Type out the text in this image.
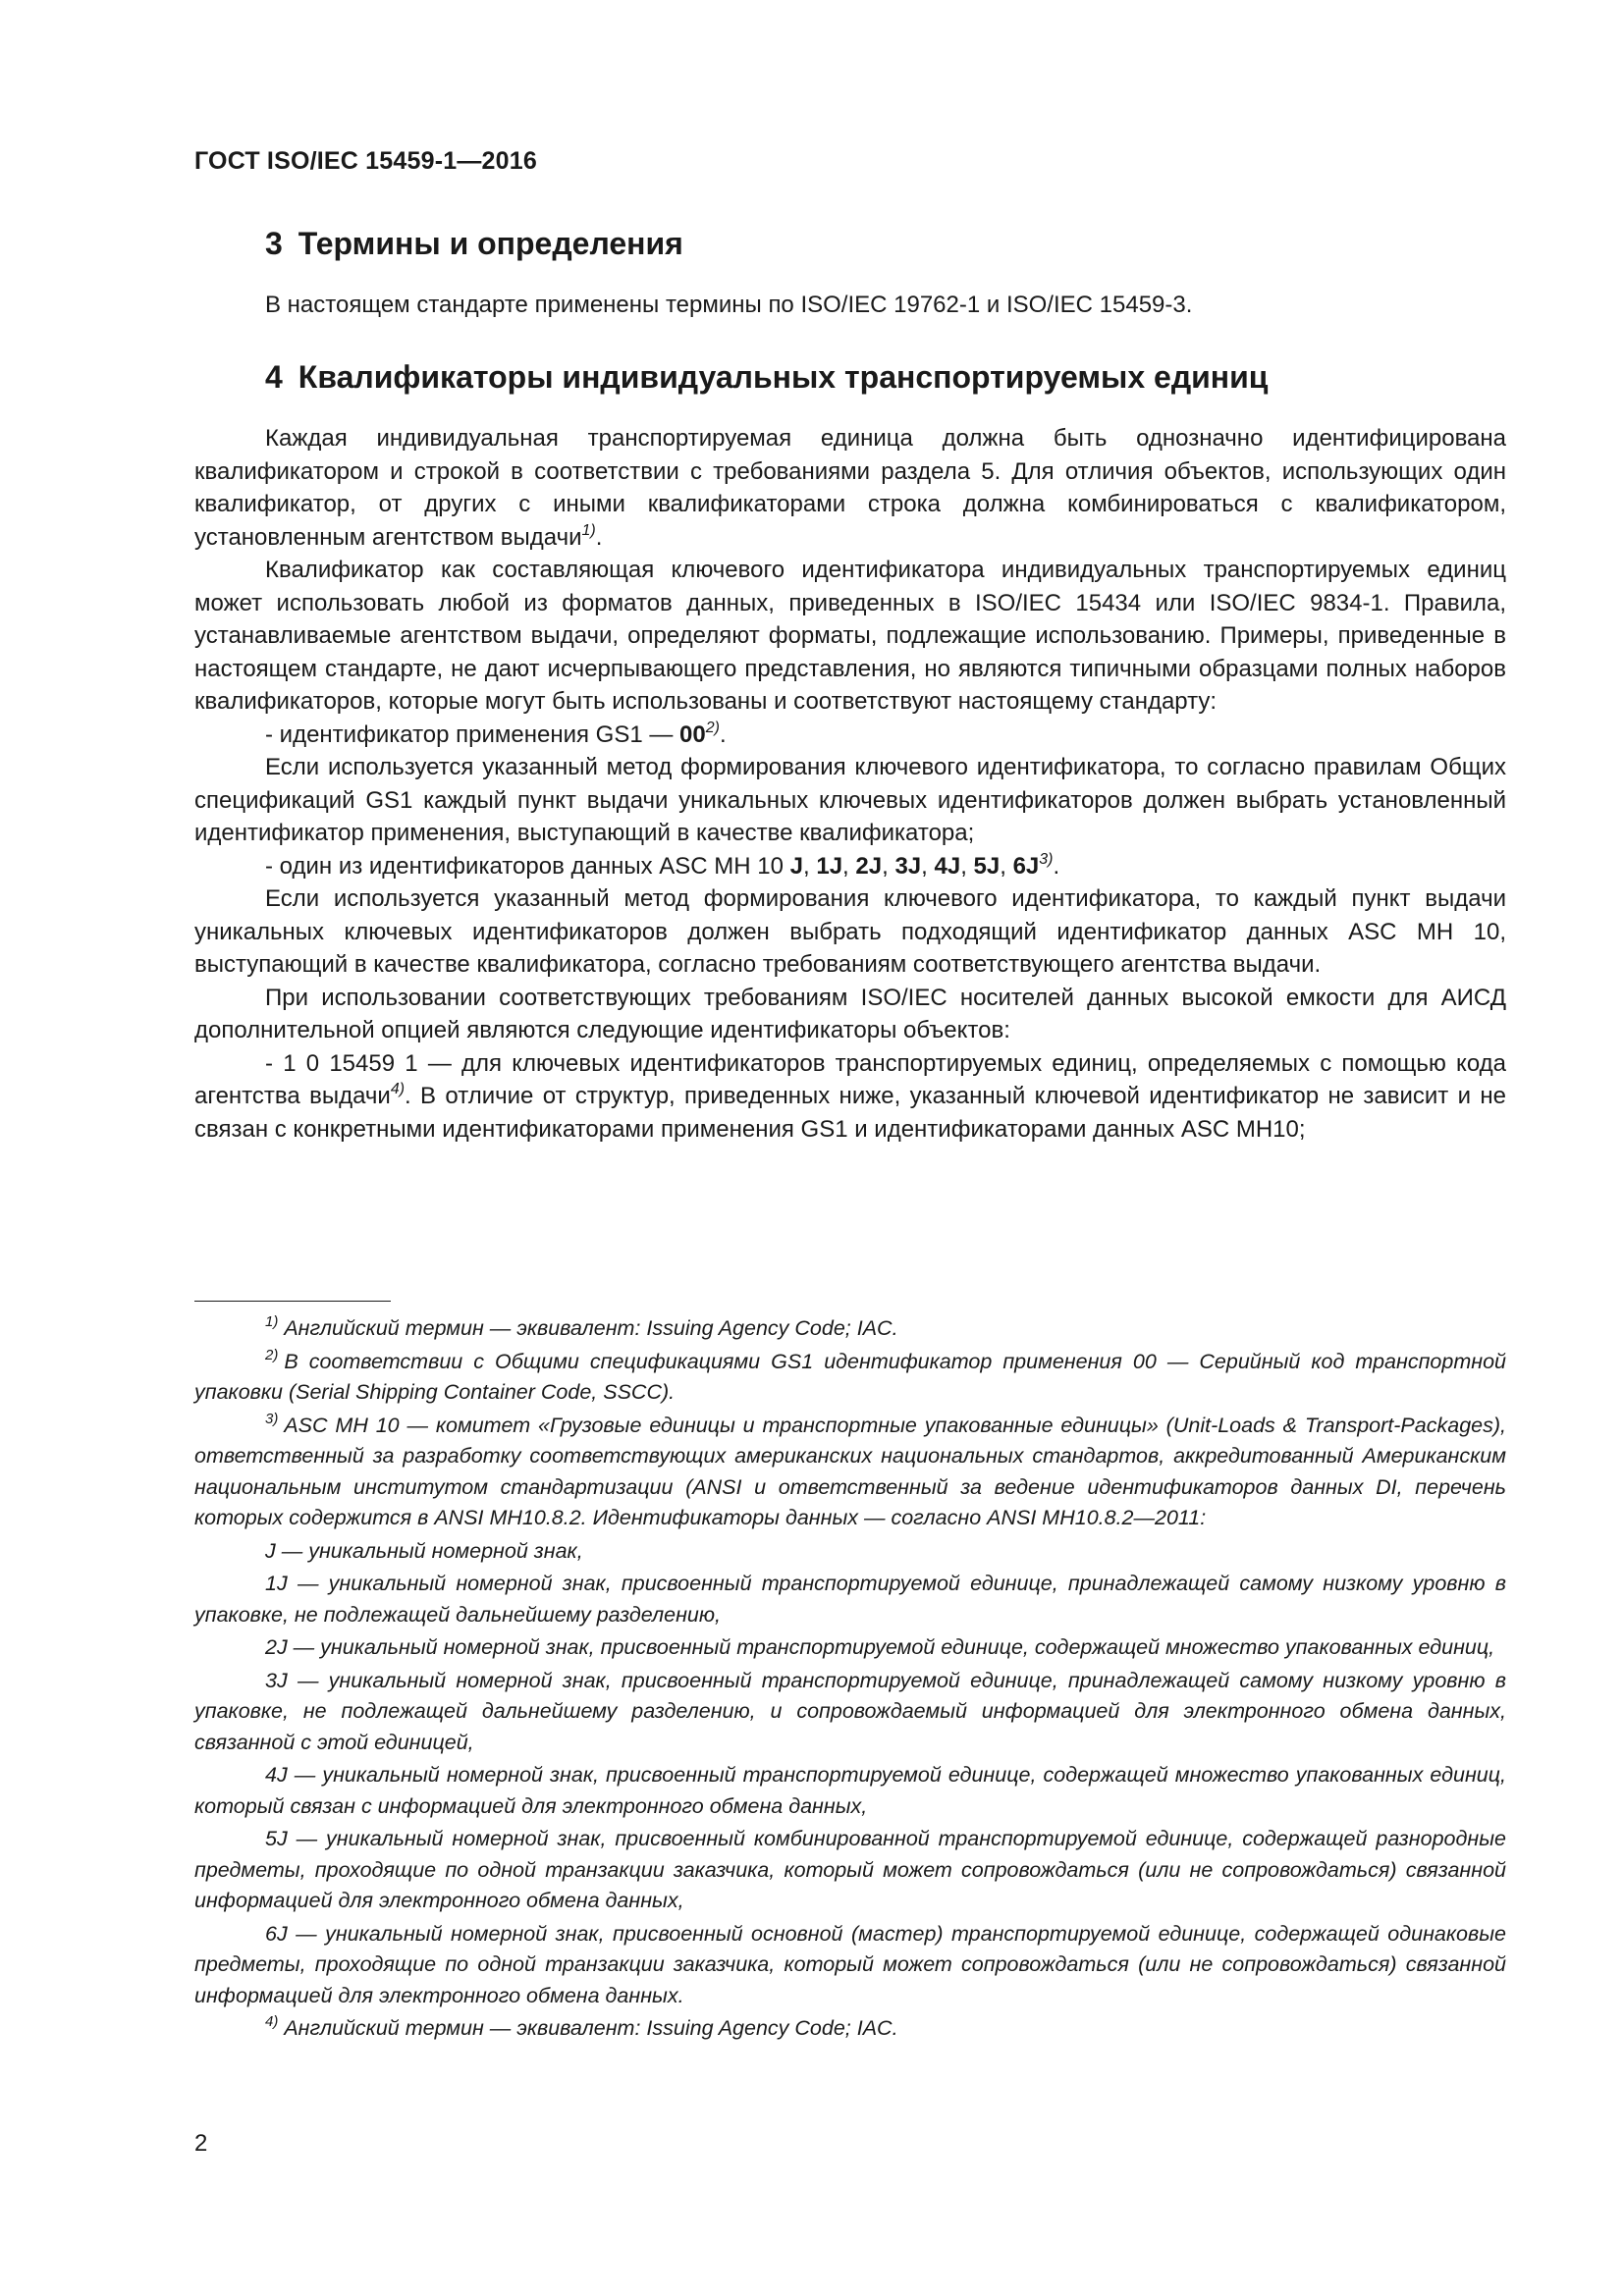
ГОСТ ISO/IEC 15459-1—2016
3 Термины и определения
В настоящем стандарте применены термины по ISO/IEC 19762-1 и ISO/IEC 15459-3.
4 Квалификаторы индивидуальных транспортируемых единиц

Каждая индивидуальная транспортируемая единица должна быть однозначно идентифицирована квалификатором и строкой в соответствии с требованиями раздела 5. Для отличия объектов, использующих один квалификатор, от других с иными квалификаторами строка должна комбинироваться с квалификатором, установленным агентством выдачи$^{1)}$.

Квалификатор как составляющая ключевого идентификатора индивидуальных транспортируемых единиц может использовать любой из форматов данных, приведенных в ISO/IEC 15434 или ISO/IEC 9834-1. Правила, устанавливаемые агентством выдачи, определяют форматы, подлежащие использованию. Примеры, приведенные в настоящем стандарте, не дают исчерпывающего представления, но являются типичными образцами полных наборов квалификаторов, которые могут быть использованы и соответствуют настоящему стандарту:

- идентификатор применения GS1 — 00$^{2)}$.

Если используется указанный метод формирования ключевого идентификатора, то согласно правилам Общих спецификаций GS1 каждый пункт выдачи уникальных ключевых идентификаторов должен выбрать установленный идентификатор применения, выступающий в качестве квалификатора;

- один из идентификаторов данных ASC MH 10 J, 1J, 2J, 3J, 4J, 5J, $6J^{3)}$.

Если используется указанный метод формирования ключевого идентификатора, то каждый пункт выдачи уникальных ключевых идентификаторов должен выбрать подходящий идентификатор данных ASC MH 10, выступающий в качестве квалификатора, согласно требованиям соответствующего агентства выдачи.

При использовании соответствующих требованиям ISO/IEC носителей данных высокой емкости для АИСД дополнительной опцией являются следующие идентификаторы объектов:

- 1 0 15459 1 — для ключевых идентификаторов транспортируемых единиц, определяемых с помощью кода агентства выдачи$^{4)}$. В отличие от структур, приведенных ниже, указанный ключевой идентификатор не зависит и не связан с конкретными идентификаторами применения GS1 и идентификаторами данных ASC MH10;

$^{1)}$ Английский термин — эквивалент: Issuing Agency Code; IAC.

$^{2)}$ В соответствии с Общими спецификациями GS1 идентификатор применения 00 — Серийный код транспортной упаковки (Serial Shipping Container Code, SSCC).

$^{3)}$ ASC MH 10 — комитет «Грузовые единицы и транспортные упакованные единицы» (Unit-Loads & Transport-Packages), ответственный за разработку соответствующих американских национальных стандартов, аккредитованный Американским национальным институтом стандартизации (ANSI и ответственный за ведение идентификаторов данных DI, перечень которых содержится в ANSI MH10.8.2. Идентификаторы данных — согласно ANSI MH10.8.2—2011:

J — уникальный номерной знак,

1J — уникальный номерной знак, присвоенный транспортируемой единице, принадлежащей самому низкому уровню в упаковке, не подлежащей дальнейшему разделению,

2J — уникальный номерной знак, присвоенный транспортируемой единице, содержащей множество упакованных единиц,

3J — уникальный номерной знак, присвоенный транспортируемой единице, принадлежащей самому низкому уровню в упаковке, не подлежащей дальнейшему разделению, и сопровождаемый информацией для электронного обмена данных, связанной с этой единицей,

4J — уникальный номерной знак, присвоенный транспортируемой единице, содержащей множество упакованных единиц, который связан с информацией для электронного обмена данных,

5J — уникальный номерной знак, присвоенный комбинированной транспортируемой единице, содержащей разнородные предметы, проходящие по одной транзакции заказчика, который может сопровождаться (или не сопровождаться) связанной информацией для электронного обмена данных,

6J — уникальный номерной знак, присвоенный основной (мастер) транспортируемой единице, содержащей одинаковые предметы, проходящие по одной транзакции заказчика, который может сопровождаться (или не сопровождаться) связанной информацией для электронного обмена данных.

$^{4)}$ Английский термин — эквивалент: Issuing Agency Code; IAC.

2
